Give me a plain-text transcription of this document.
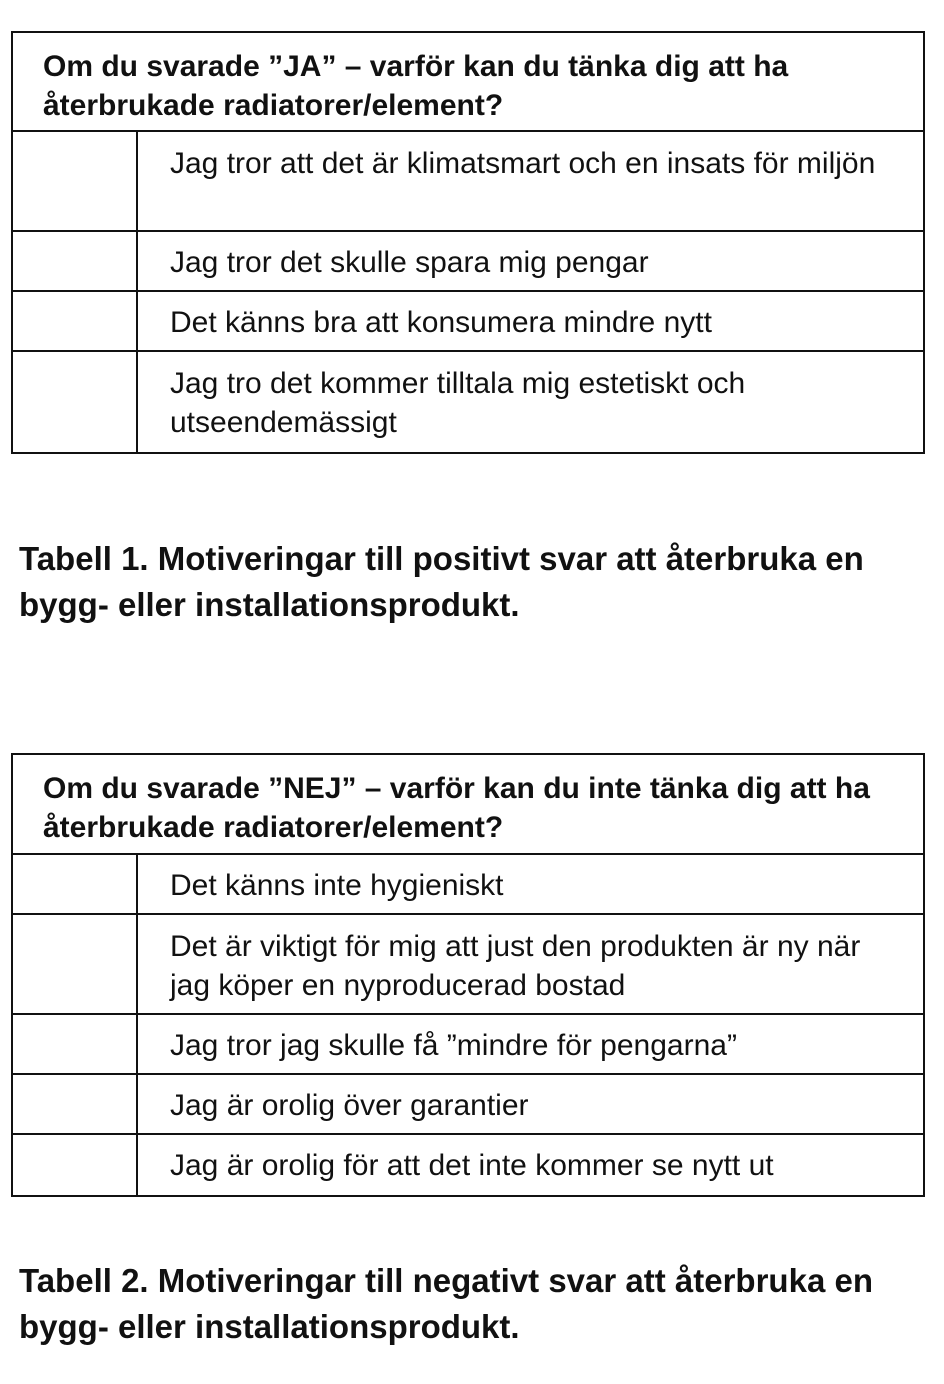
Om du svarade ”JA” – varför kan du tänka dig att ha återbrukade radiatorer/element?
Jag tror att det är klimatsmart och en insats för miljön
Jag tror det skulle spara mig pengar
Det känns bra att konsumera mindre nytt
Jag tro det kommer tilltala mig estetiskt och utseendemässigt

Tabell 1. Motiveringar till positivt svar att återbruka en bygg- eller installationsprodukt.

Om du svarade ”NEJ” – varför kan du inte tänka dig att ha återbrukade radiatorer/element?
Det känns inte hygieniskt
Det är viktigt för mig att just den produkten är ny när jag köper en nyproducerad bostad
Jag tror jag skulle få ”mindre för pengarna”
Jag är orolig över garantier
Jag är orolig för att det inte kommer se nytt ut

Tabell 2. Motiveringar till negativt svar att återbruka en bygg- eller installationsprodukt.
